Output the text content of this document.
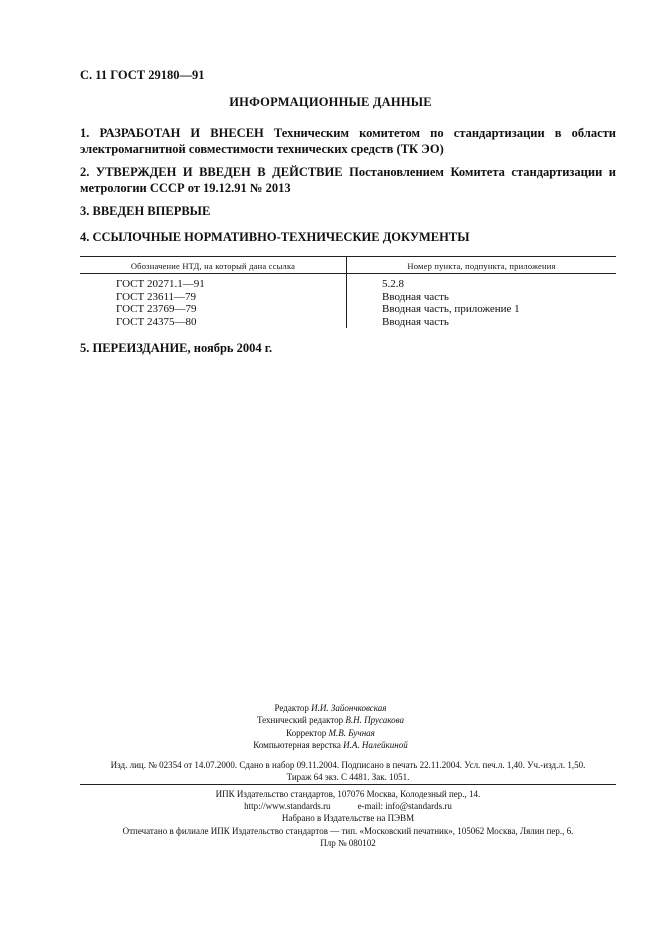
С. 11 ГОСТ 29180—91
ИНФОРМАЦИОННЫЕ ДАННЫЕ
1. РАЗРАБОТАН И ВНЕСЕН Техническим комитетом по стандартизации в области электромагнитной совместимости технических средств (ТК ЭО)
2. УТВЕРЖДЕН И ВВЕДЕН В ДЕЙСТВИЕ Постановлением Комитета стандартизации и метрологии СССР от 19.12.91 № 2013
3. ВВЕДЕН ВПЕРВЫЕ
4. ССЫЛОЧНЫЕ НОРМАТИВНО-ТЕХНИЧЕСКИЕ ДОКУМЕНТЫ
Обозначение НТД, на который дана ссылка	Номер пункта, подпункта, приложения
ГОСТ 20271.1—91
ГОСТ 23611—79
ГОСТ 23769—79
ГОСТ 24375—80
5.2.8
Вводная часть
Вводная часть, приложение 1
Вводная часть
5. ПЕРЕИЗДАНИЕ, ноябрь 2004 г.
Редактор И.И. Зайончковская
Технический редактор В.Н. Прусакова
Корректор М.В. Бучная
Компьютерная верстка И.А. Налейкиной
Изд. лиц. № 02354 от 14.07.2000. Сдано в набор 09.11.2004. Подписано в печать 22.11.2004. Усл. печ.л. 1,40. Уч.-изд.л. 1,50.
Тираж 64 экз. С 4481. Зак. 1051.
ИПК Издательство стандартов, 107076 Москва, Колодезный пер., 14.
http://www.standards.ru	e-mail: info@standards.ru
Набрано в Издательстве на ПЭВМ
Отпечатано в филиале ИПК Издательство стандартов — тип. «Московский печатник», 105062 Москва, Лялин пер., 6.
Плр № 080102
